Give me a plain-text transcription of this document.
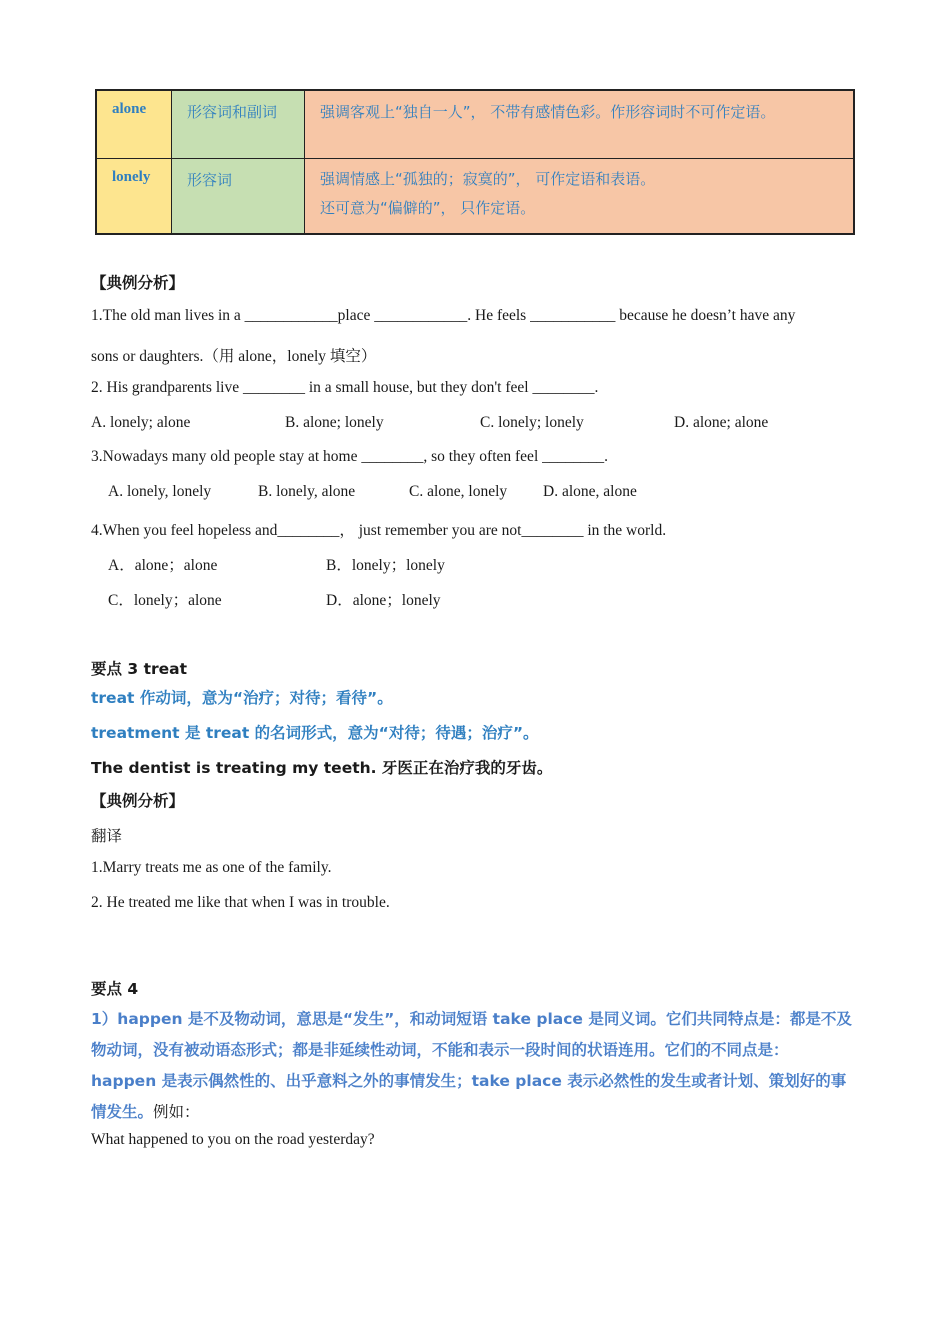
alone	形容词和副词	强调客观上“独自一人”， 不带有感情色彩。作形容词时不可作定语。

lonely	形容词	强调情感上“孤独的；寂寞的”， 可作定语和表语。
还可意为“偏僻的”， 只作定语。
【典例分析】
1.The old man lives in a ____________place ____________. He feels ___________ because he doesn’t have any
sons or daughters.（用 alone，lonely 填空）
2. His grandparents live ________ in a small house, but they don't feel ________.
A. lonely; alone	B. alone; lonely	C. lonely; lonely	D. alone; alone
3.Nowadays many old people stay at home ________, so they often feel ________.
A. lonely, lonely	B. lonely, alone	C. alone, lonely D. alone, alone
4.When you feel hopeless and________， just remember you are not________ in the world.
A．alone；alone	B．lonely；lonely
C．lonely；alone	D．alone；lonely
要点 3 treat
treat 作动词，意为“治疗；对待；看待”。
treatment 是 treat 的名词形式，意为“对待；待遇；治疗”。
The dentist is treating my teeth. 牙医正在治疗我的牙齿。
【典例分析】
翻译
1.Marry treats me as one of the family.
2. He treated me like that when I was in trouble.
要点 4
1）happen 是不及物动词，意思是“发生”，和动词短语 take place 是同义词。它们共同特点是：都是不及
物动词，没有被动语态形式；都是非延续性动词，不能和表示一段时间的状语连用。它们的不同点是：
happen 是表示偶然性的、出乎意料之外的事情发生；take place 表示必然性的发生或者计划、策划好的事
情发生。例如：
What happened to you on the road yesterday?
